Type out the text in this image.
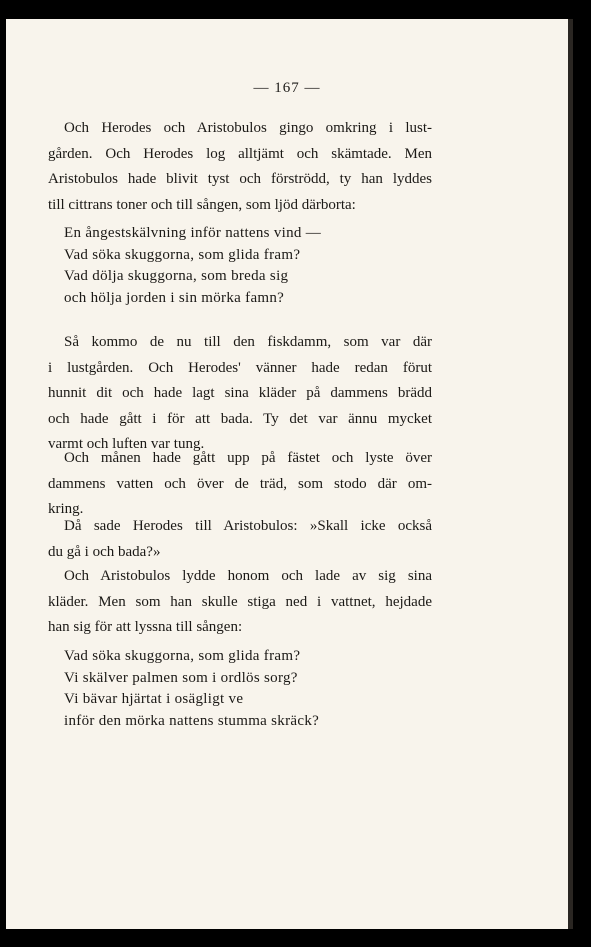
— 167 —
Och Herodes och Aristobulos gingo omkring i lust-
gården. Och Herodes log alltjämt och skämtade. Men
Aristobulos hade blivit tyst och förströdd, ty han lyddes
till cittrans toner och till sången, som ljöd därborta:
En ångestskälvning inför nattens vind —
Vad söka skuggorna, som glida fram?
Vad dölja skuggorna, som breda sig
och hölja jorden i sin mörka famn?
Så kommo de nu till den fiskdamm, som var där
i lustgården. Och Herodes' vänner hade redan förut
hunnit dit och hade lagt sina kläder på dammens brädd
och hade gått i för att bada. Ty det var ännu mycket
varmt och luften var tung.
Och månen hade gått upp på fästet och lyste över
dammens vatten och över de träd, som stodo där om-
kring.
Då sade Herodes till Aristobulos: »Skall icke också
du gå i och bada?»
Och Aristobulos lydde honom och lade av sig sina
kläder. Men som han skulle stiga ned i vattnet, hejdade
han sig för att lyssna till sången:
Vad söka skuggorna, som glida fram?
Vi skälver palmen som i ordlös sorg?
Vi bävar hjärtat i osägligt ve
inför den mörka nattens stumma skräck?
